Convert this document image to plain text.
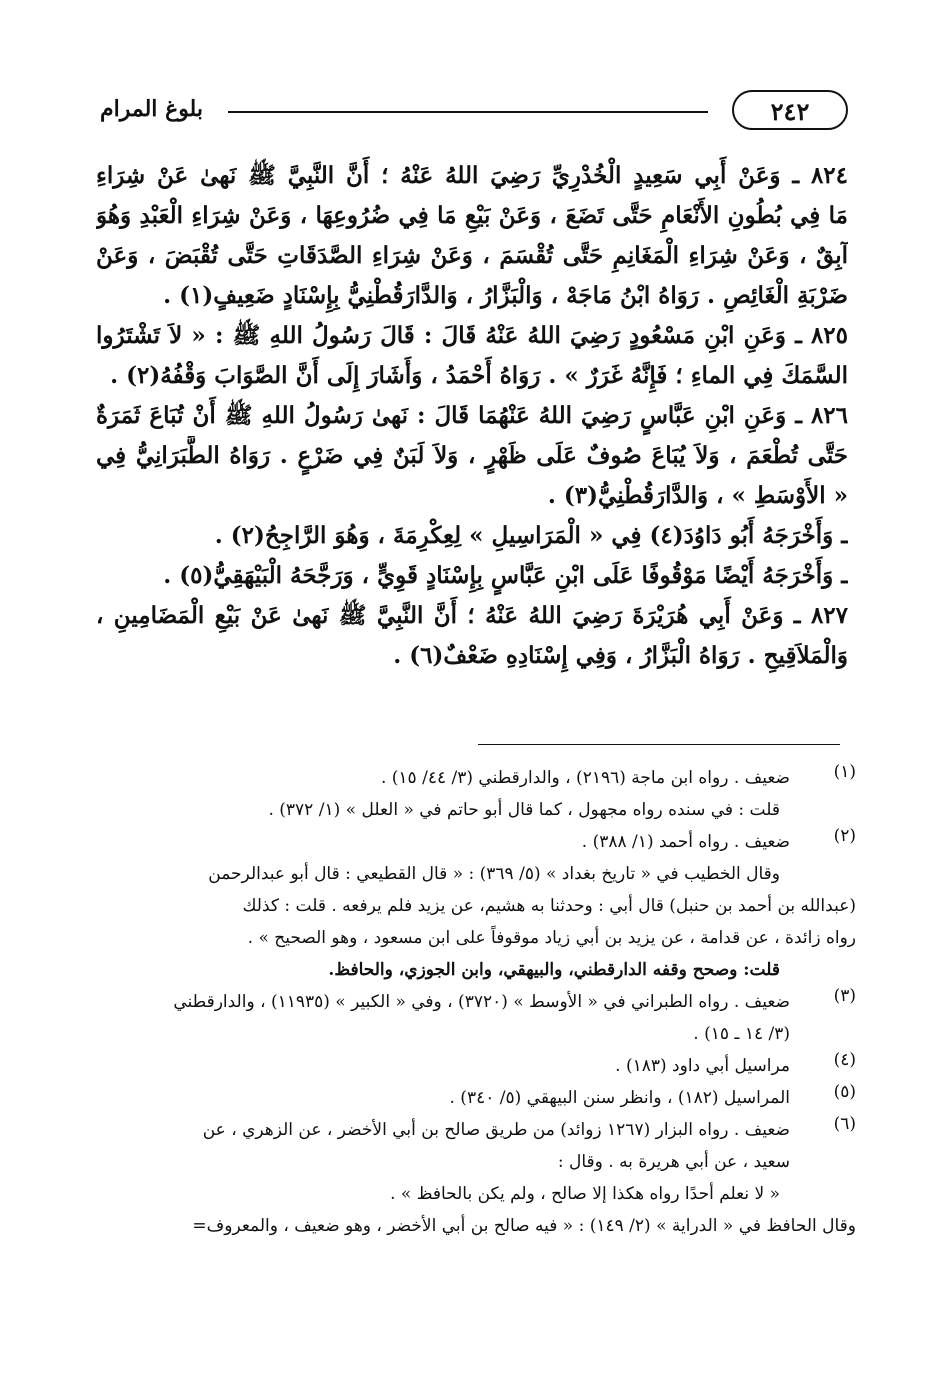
بلوغ المرام	٢٤٢
٨٢٤ ـ وَعَنْ أَبِي سَعِيدٍ الْخُدْرِيِّ رَضِيَ اللهُ عَنْهُ ؛ أَنَّ النَّبِيَّ ﷺ نَهىٰ عَنْ شِرَاءِ
مَا فِي بُطُونِ الأَنْعَامِ حَتَّى تَضَعَ ، وَعَنْ بَيْعِ مَا فِي ضُرُوعِهَا ، وَعَنْ شِرَاءِ الْعَبْدِ وَهُوَ
آبِقٌ ، وَعَنْ شِرَاءِ الْمَغَانِمِ حَتَّى تُقْسَمَ ، وَعَنْ شِرَاءِ الصَّدَقَاتِ حَتَّى تُقْبَضَ ، وَعَنْ
ضَرْبَةِ الْغَائِصِ . رَوَاهُ ابْنُ مَاجَهْ ، وَالْبَزَّارُ ، وَالدَّارَقُطْنِيُّ بِإِسْنَادٍ ضَعِيفٍ(١) .
٨٢٥ ـ وَعَنِ ابْنِ مَسْعُودٍ رَضِيَ اللهُ عَنْهُ قَالَ : قَالَ رَسُولُ اللهِ ﷺ : « لاَ تَشْتَرُوا
السَّمَكَ فِي الماءِ ؛ فَإِنَّهُ غَرَرٌ » . رَوَاهُ أَحْمَدُ ، وَأَشَارَ إِلَى أَنَّ الصَّوَابَ وَقْفُهُ(٢) .
٨٢٦ ـ وَعَنِ ابْنِ عَبَّاسٍ رَضِيَ اللهُ عَنْهُمَا قَالَ : نَهىٰ رَسُولُ اللهِ ﷺ أَنْ تُبَاعَ ثَمَرَةٌ
حَتَّى تُطْعَمَ ، وَلاَ يُبَاعَ صُوفٌ عَلَى ظَهْرٍ ، وَلاَ لَبَنٌ فِي ضَرْعٍ . رَوَاهُ الطَّبَرَانِيُّ فِي
« الأَوْسَطِ » ، وَالدَّارَقُطْنِيُّ(٣) .
ـ وَأَخْرَجَهُ أَبُو دَاوُدَ(٤) فِي « الْمَرَاسِيلِ » لِعِكْرِمَةَ ، وَهُوَ الرَّاجِحُ(٢) .
ـ وَأَخْرَجَهُ أَيْضًا مَوْقُوفًا عَلَى ابْنِ عَبَّاسٍ بِإِسْنَادٍ قَوِيٍّ ، وَرَجَّحَهُ الْبَيْهَقِيُّ(٥) .
٨٢٧ ـ وَعَنْ أَبِي هُرَيْرَةَ رَضِيَ اللهُ عَنْهُ ؛ أَنَّ النَّبِيَّ ﷺ نَهىٰ عَنْ بَيْعِ الْمَضَامِينِ ،
وَالْمَلاَقِيحِ . رَوَاهُ الْبَزَّارُ ، وَفِي إِسْنَادِهِ ضَعْفٌ(٦) .
(١)
ضعيف . رواه ابن ماجة (٢١٩٦) ، والدارقطني (٣/ ٤٤/ ١٥) .
قلت : في سنده رواه مجهول ، كما قال أبو حاتم في « العلل » (١/ ٣٧٢) .
(٢)
ضعيف . رواه أحمد (١/ ٣٨٨) .
وقال الخطيب في « تاريخ بغداد » (٥/ ٣٦٩) : « قال القطيعي : قال أبو عبدالرحمن
(عبدالله بن أحمد بن حنبل) قال أبي : وحدثنا به هشيم، عن يزيد فلم يرفعه . قلت : كذلك
رواه زائدة ، عن قدامة ، عن يزيد بن أبي زياد موقوفاً على ابن مسعود ، وهو الصحيح » .
قلت: وصحح وقفه الدارقطني، والبيهقي، وابن الجوزي، والحافظ.
(٣)
ضعيف . رواه الطبراني في « الأوسط » (٣٧٢٠) ، وفي « الكبير » (١١٩٣٥) ، والدارقطني
(٣/ ١٤ ـ ١٥) .
(٤)
مراسيل أبي داود (١٨٣) .
(٥)
المراسيل (١٨٢) ، وانظر سنن البيهقي (٥/ ٣٤٠) .
(٦)
ضعيف . رواه البزار (١٢٦٧ زوائد) من طريق صالح بن أبي الأخضر ، عن الزهري ، عن
سعيد ، عن أبي هريرة به . وقال :
« لا نعلم أحدًا رواه هكذا إلا صالح ، ولم يكن بالحافظ » .
وقال الحافظ في « الدراية » (٢/ ١٤٩) : « فيه صالح بن أبي الأخضر ، وهو ضعيف ، والمعروف=
